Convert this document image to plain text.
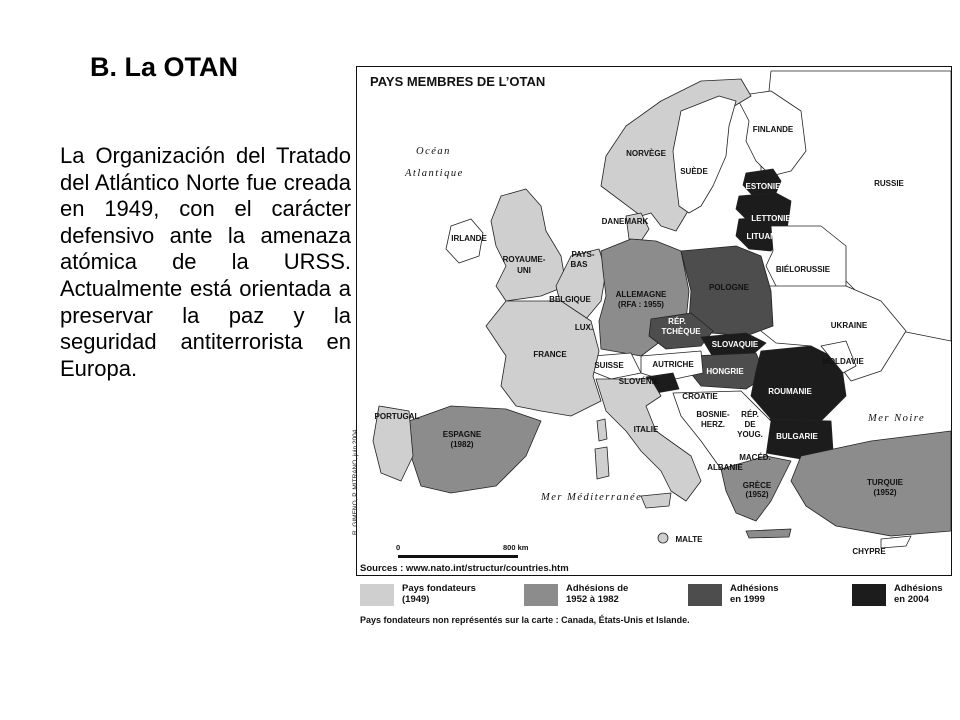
B. La OTAN

La Organización del Tratado del Atlántico Norte fue creada en 1949, con el carácter defensivo ante la amenaza atómica de la URSS. Actualmente está orientada a preservar la paz y la seguridad antiterrorista en Europa.

Océan
Atlantique
Mer Noire
Mer Méditerranée
FINLANDE
NORVÈGE
SUÈDE
RUSSIE
ESTONIE
LETTONIE
LITUANIE
DANEMARK
IRLANDE
ROYAUME-
UNI
PAYS-
BAS
BELGIQUE
LUX.
ALLEMAGNE
(RFA : 1955)
POLOGNE
BIÉLORUSSIE
RÉP.
TCHÈQUE
SLOVAQUIE
UKRAINE
MOLDAVIE
FRANCE
SUISSE	AUTRICHE
HONGRIE
SLOVÉNIE
ROUMANIE
CROATIE
BOSNIE-
HERZ.
RÉP.
DE
YOUG. BULGARIE
PORTUGAL
ESPAGNE
(1982)
ITALIE
MACÉD.
ALBANIE
GRÈCE
(1952)
TURQUIE
(1952)
MALTE
CHYPRE
PAYS MEMBRES DE L’OTAN
R. GIMENO, P. MITRANO, juin 2004
0	800 km
Sources : www.nato.int/structur/countries.htm
Pays fondateurs
(1949)
Adhésions de
1952 à 1982
Adhésions
en 1999
Adhésions
en 2004
Pays fondateurs non représentés sur la carte : Canada, États-Unis et Islande.
